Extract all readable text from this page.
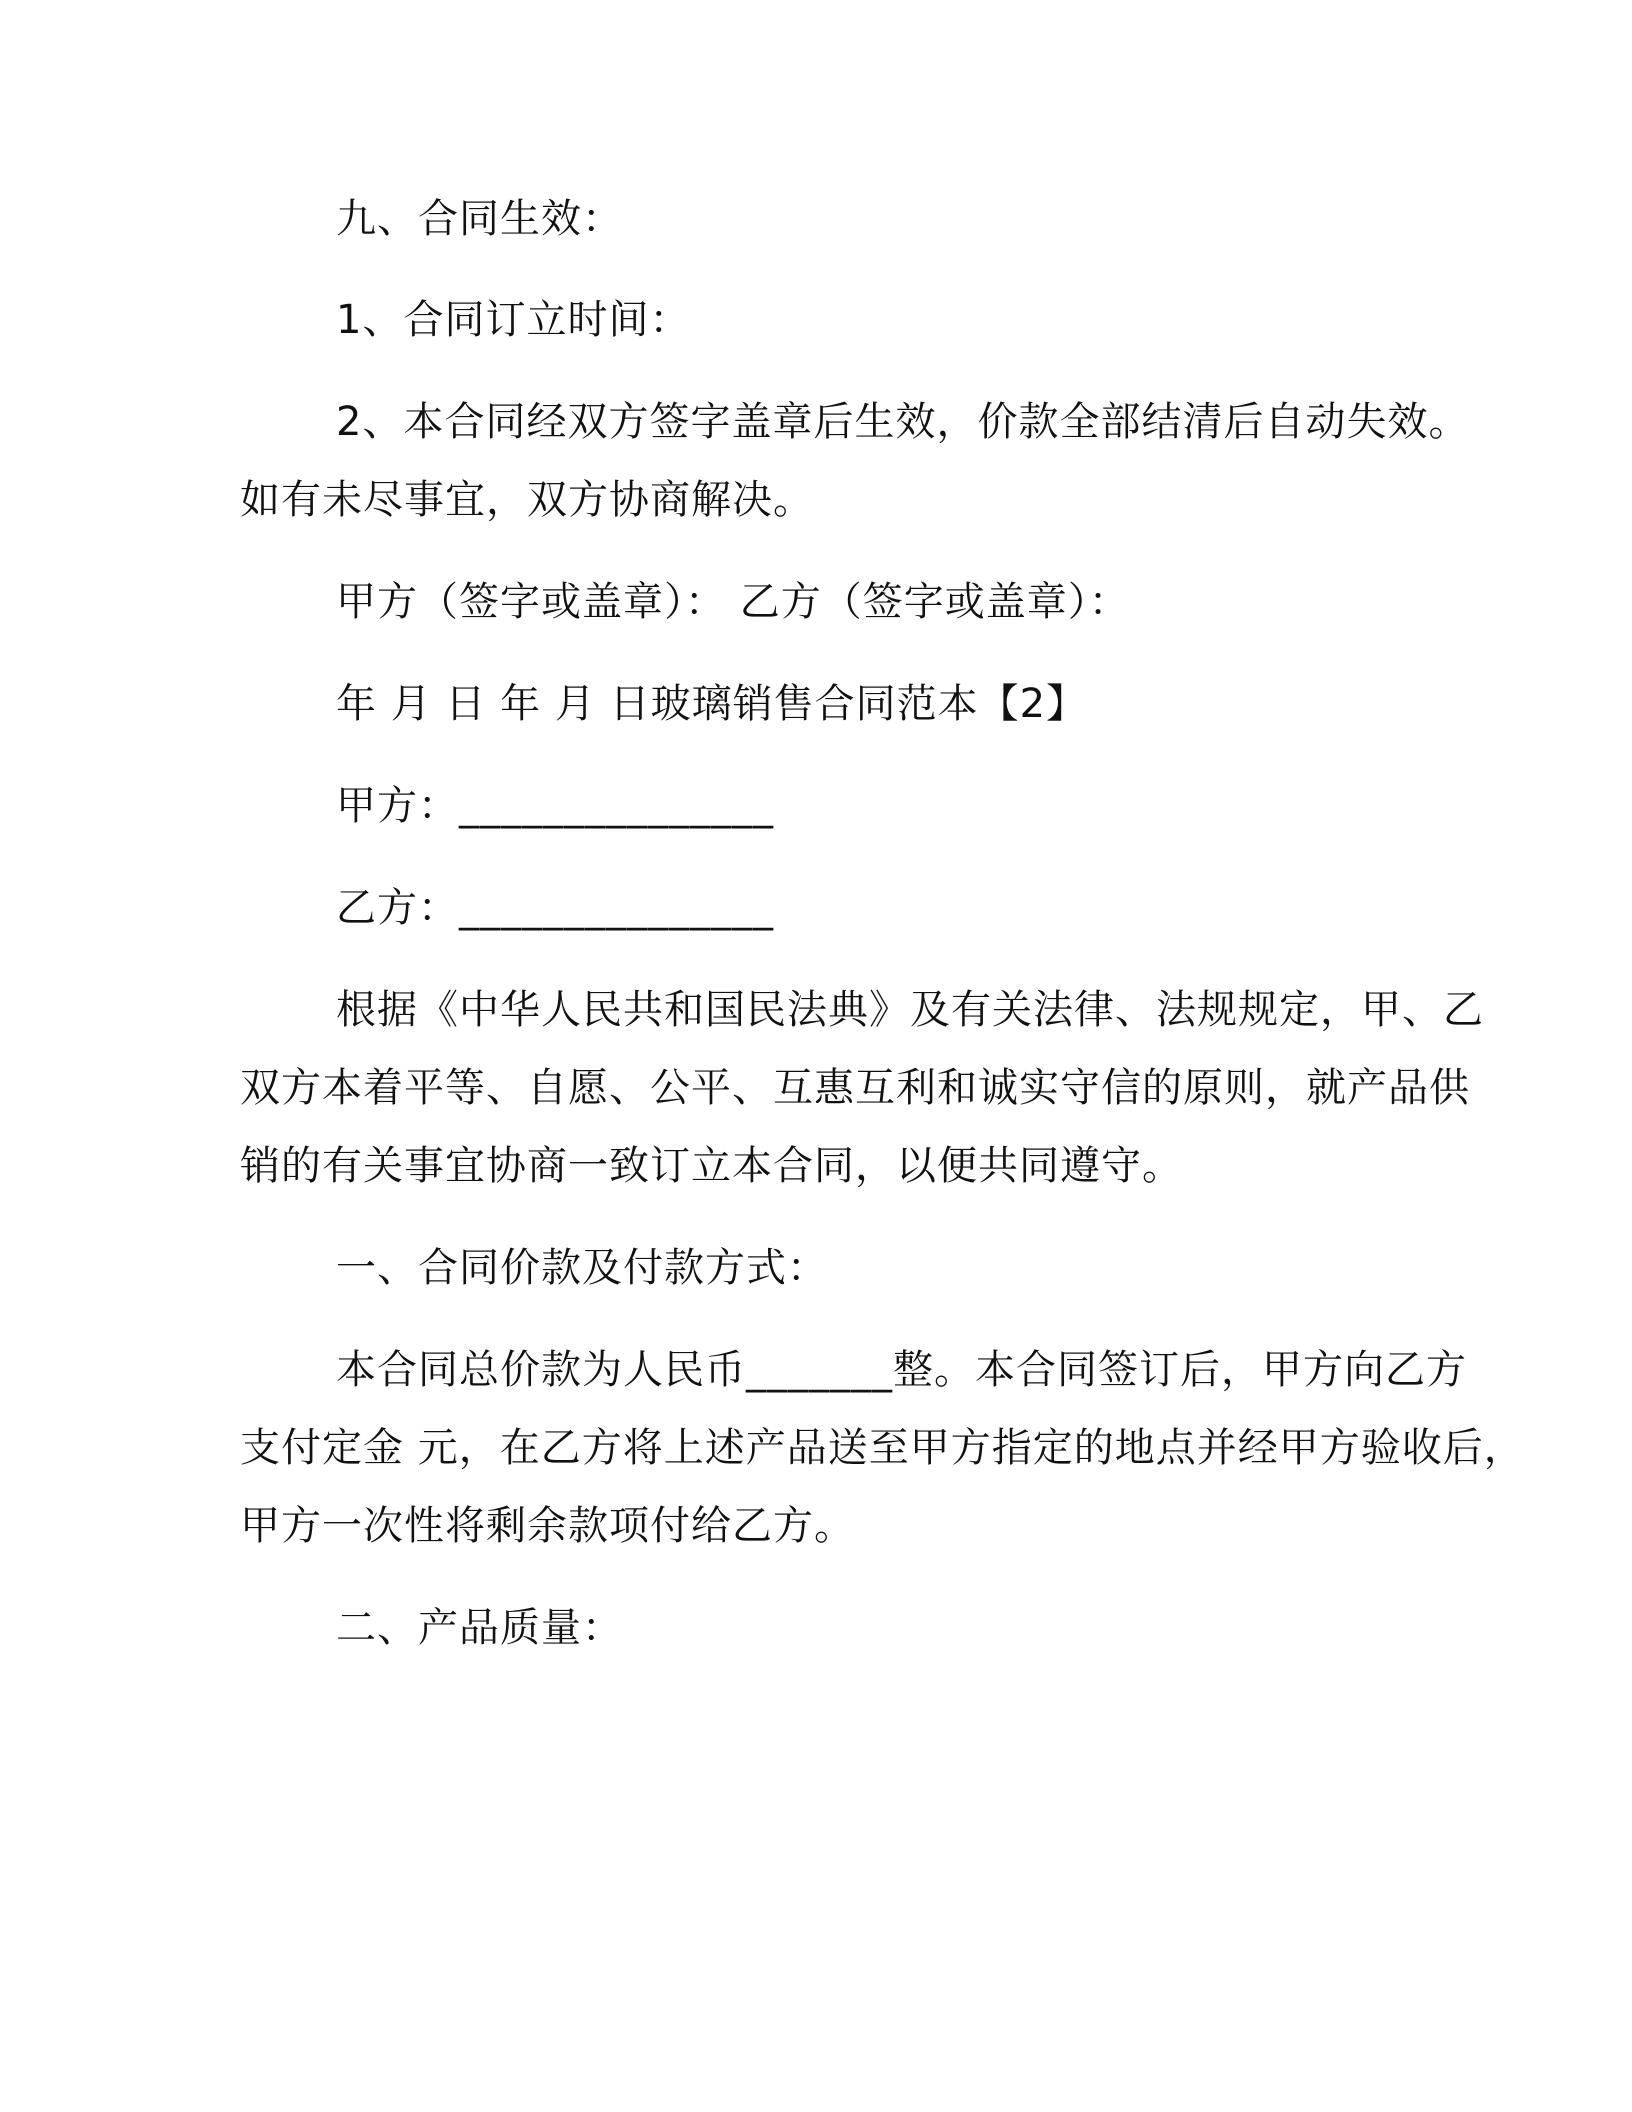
九、合同生效：
1、合同订立时间：
2、本合同经双方签字盖章后生效，价款全部结清后自动失效。
如有未尽事宜，双方协商解决。
甲方（签字或盖章）： 乙方（签字或盖章）：
年 月 日 年 月 日玻璃销售合同范本【2】
甲方：_______________
乙方：_______________
根据《中华人民共和国民法典》及有关法律、法规规定，甲、乙
双方本着平等、自愿、公平、互惠互利和诚实守信的原则，就产品供
销的有关事宜协商一致订立本合同，以便共同遵守。
一、合同价款及付款方式：
本合同总价款为人民币_______整。本合同签订后，甲方向乙方
支付定金 元，在乙方将上述产品送至甲方指定的地点并经甲方验收后，
甲方一次性将剩余款项付给乙方。
二、产品质量：
